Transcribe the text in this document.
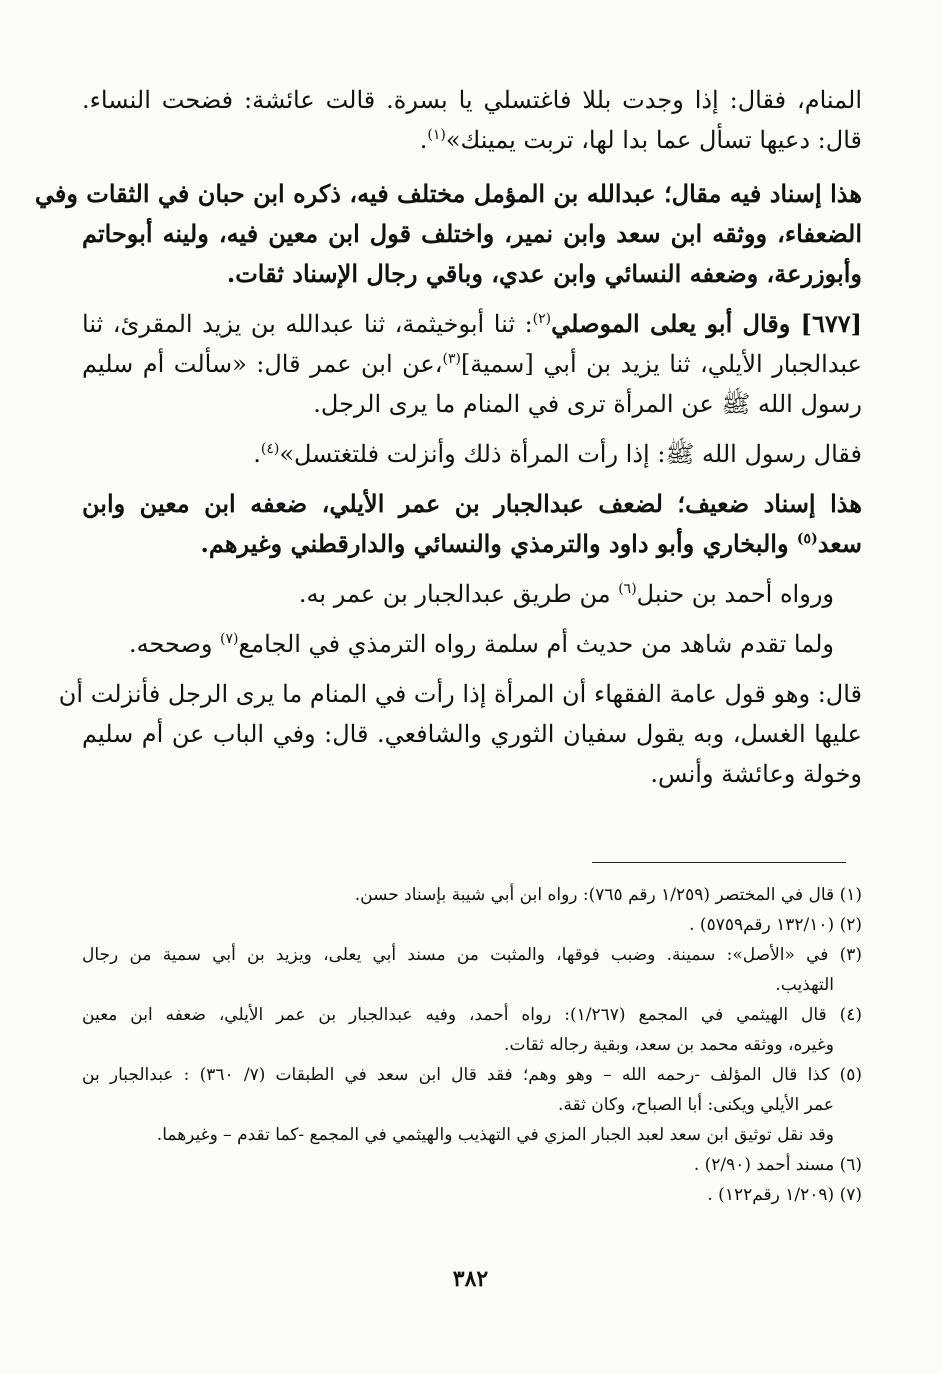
المنام، فقال: إذا وجدت بللا فاغتسلي يا بسرة. قالت عائشة: فضحت النساء.
قال: دعيها تسأل عما بدا لها، تربت يمينك»$^{(١)}$.
هذا إسناد فيه مقال؛ عبدالله بن المؤمل مختلف فيه، ذكره ابن حبان في الثقات وفي
الضعفاء، ووثقه ابن سعد وابن نمير، واختلف قول ابن معين فيه، ولينه أبوحاتم
وأبوزرعة، وضعفه النسائي وابن عدي، وباقي رجال الإسناد ثقات.
[٦٧٧] وقال أبو يعلى الموصلي$^{(٢)}$: ثنا أبوخيثمة، ثنا عبدالله بن يزيد المقرئ، ثنا
عبدالجبار الأيلي، ثنا يزيد بن أبي [سمية]$^{(٣)}$،عن ابن عمر قال: «سألت أم سليم
رسول الله ﷺ عن المرأة ترى في المنام ما يرى الرجل.
فقال رسول الله ﷺ: إذا رأت المرأة ذلك وأنزلت فلتغتسل»$^{(٤)}$.
هذا إسناد ضعيف؛ لضعف عبدالجبار بن عمر الأيلي، ضعفه ابن معين وابن
سعد$^{(٥)}$ والبخاري وأبو داود والترمذي والنسائي والدارقطني وغيرهم.
ورواه أحمد بن حنبل$^{(٦)}$ من طريق عبدالجبار بن عمر به.
ولما تقدم شاهد من حديث أم سلمة رواه الترمذي في الجامع$^{(٧)}$ وصححه.
قال: وهو قول عامة الفقهاء أن المرأة إذا رأت في المنام ما يرى الرجل فأنزلت أن
عليها الغسل، وبه يقول سفيان الثوري والشافعي. قال: وفي الباب عن أم سليم
وخولة وعائشة وأنس.
(١) قال في المختصر (١/٢٥٩ رقم ٧٦٥): رواه ابن أبي شيبة بإسناد حسن.
(٢) (١٣٢/١٠ رقم٥٧٥٩) .
(٣) في «الأصل»: سمينة. وضبب فوقها، والمثبت من مسند أبي يعلى، ويزيد بن أبي سمية من رجال
التهذيب.
(٤) قال الهيثمي في المجمع (١/٢٦٧): رواه أحمد، وفيه عبدالجبار بن عمر الأيلي، ضعفه ابن معين
وغيره، ووثقه محمد بن سعد، وبقية رجاله ثقات.
(٥) كذا قال المؤلف -رحمه الله – وهو وهم؛ فقد قال ابن سعد في الطبقات (٧/ ٣٦٠) : عبدالجبار بن
عمر الأيلي ويكنى: أبا الصباح، وكان ثقة.
وقد نقل توثيق ابن سعد لعبد الجبار المزي في التهذيب والهيثمي في المجمع -كما تقدم – وغيرهما.
(٦) مسند أحمد (٢/٩٠) .
(٧) (١/٢٠٩ رقم١٢٢) .
٣٨٢
